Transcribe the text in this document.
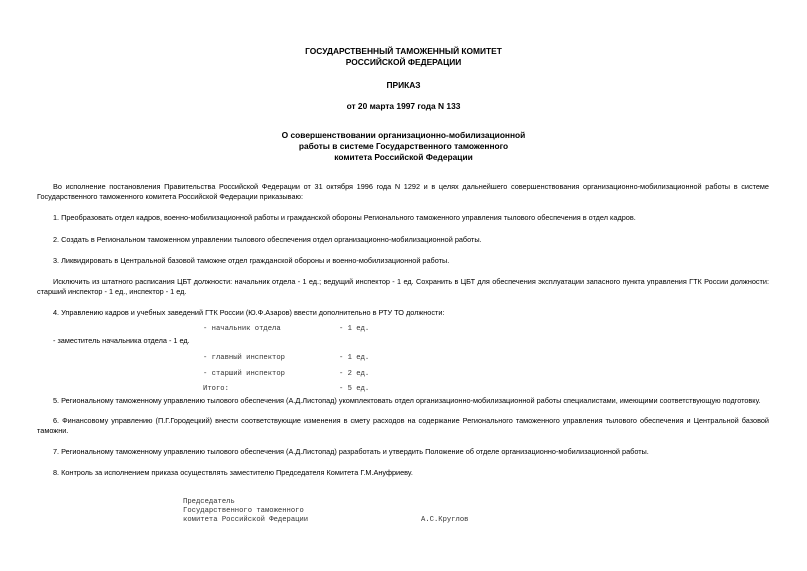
ГОСУДАРСТВЕННЫЙ ТАМОЖЕННЫЙ КОМИТЕТ
РОССИЙСКОЙ ФЕДЕРАЦИИ
ПРИКАЗ
от 20 марта 1997 года N 133
О совершенствовании организационно-мобилизационной
работы в системе Государственного таможенного
комитета Российской Федерации
Во исполнение постановления Правительства Российской Федерации от 31 октября 1996 года N 1292 и в целях дальнейшего совершенствования организационно-мобилизационной работы в системе Государственного таможенного комитета Российской Федерации приказываю:
1. Преобразовать отдел кадров, военно-мобилизационной работы и гражданской обороны Регионального таможенного управления тылового обеспечения в отдел кадров.
2. Создать в Региональном таможенном управлении тылового обеспечения отдел организационно-мобилизационной работы.
3. Ликвидировать в Центральной базовой таможне отдел гражданской обороны и военно-мобилизационной работы.
Исключить из штатного расписания ЦБТ должности: начальник отдела - 1 ед.; ведущий инспектор - 1 ед. Сохранить в ЦБТ для обеспечения эксплуатации запасного пункта управления ГТК России должности: старший инспектор - 1 ед., инспектор - 1 ед.
4. Управлению кадров и учебных заведений ГТК России (Ю.Ф.Азаров) ввести дополнительно в РТУ ТО должности:
- начальник отдела	- 1 ед.
- заместитель начальника отдела - 1 ед.
- главный инспектор	- 1 ед.
- старший инспектор	- 2 ед.
Итого:	- 5 ед.
5. Региональному таможенному управлению тылового обеспечения (А.Д.Листопад) укомплектовать отдел организационно-мобилизационной работы специалистами, имеющими соответствующую подготовку.
6. Финансовому управлению (П.Г.Городецкий) внести соответствующие изменения в смету расходов на содержание Регионального таможенного управления тылового обеспечения и Центральной базовой таможни.
7. Региональному таможенному управлению тылового обеспечения (А.Д.Листопад) разработать и утвердить Положение об отделе организационно-мобилизационной работы.
8. Контроль за исполнением приказа осуществлять заместителю Председателя Комитета Г.М.Ануфриеву.
Председатель
Государственного таможенного
комитета Российской Федерации	А.С.Круглов
